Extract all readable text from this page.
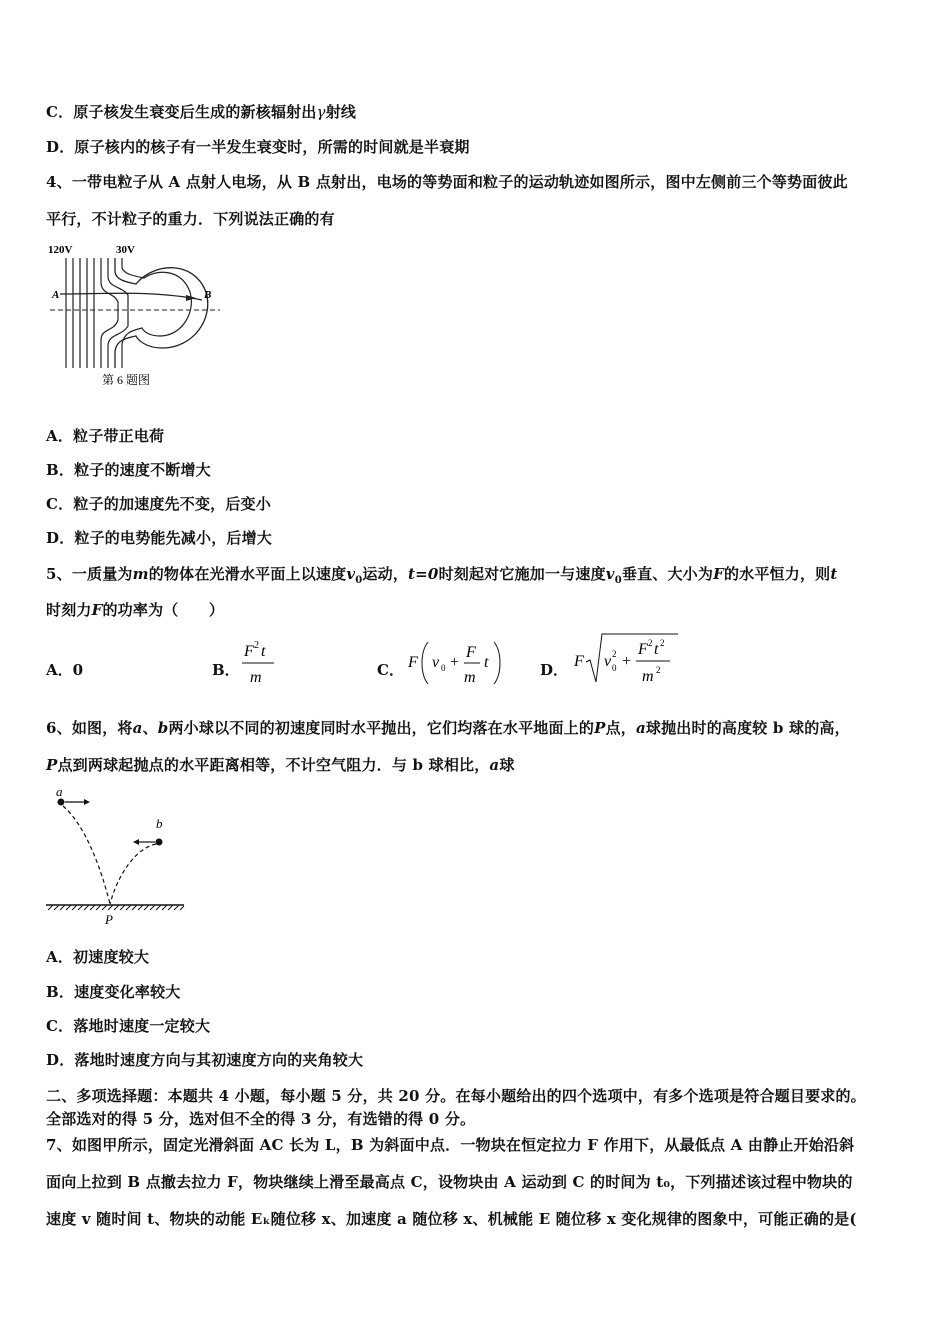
C．原子核发生衰变后生成的新核辐射出γ射线
D．原子核内的核子有一半发生衰变时，所需的时间就是半衰期
4、一带电粒子从 A 点射人电场，从 B 点射出，电场的等势面和粒子的运动轨迹如图所示，图中左侧前三个等势面彼此
平行，不计粒子的重力．下列说法正确的有
120V	30V
A	B
第 6 题图
A．粒子带正电荷
B．粒子的速度不断增大
C．粒子的加速度先不变，后变小
D．粒子的电势能先减小，后增大
5、一质量为m的物体在光滑水平面上以速度$v_0$运动，t=0时刻起对它施加一与速度$v_0$垂直、大小为F的水平恒力，则t
时刻力F的功率为（　　）
A．0	B．
F 2 t
m	C． F v 0 +
F
m
t	D． F v 2
0 +
F 2 t 2
m 2
6、如图，将a、b两小球以不同的初速度同时水平抛出，它们均落在水平地面上的P点，a球抛出时的高度较 b 球的高，
P点到两球起抛点的水平距离相等，不计空气阻力．与 b 球相比，a球
a
b
P
A．初速度较大
B．速度变化率较大
C．落地时速度一定较大
D．落地时速度方向与其初速度方向的夹角较大
二、多项选择题：本题共 4 小题，每小题 5 分，共 20 分。在每小题给出的四个选项中，有多个选项是符合题目要求的。
全部选对的得 5 分，选对但不全的得 3 分，有选错的得 0 分。
7、如图甲所示，固定光滑斜面 AC 长为 L，B 为斜面中点．一物块在恒定拉力 F 作用下，从最低点 A 由静止开始沿斜
面向上拉到 B 点撤去拉力 F，物块继续上滑至最高点 C，设物块由 A 运动到 C 的时间为 t₀，下列描述该过程中物块的
速度 v 随时间 t、物块的动能 Eₖ随位移 x、加速度 a 随位移 x、机械能 E 随位移 x 变化规律的图象中，可能正确的是(
